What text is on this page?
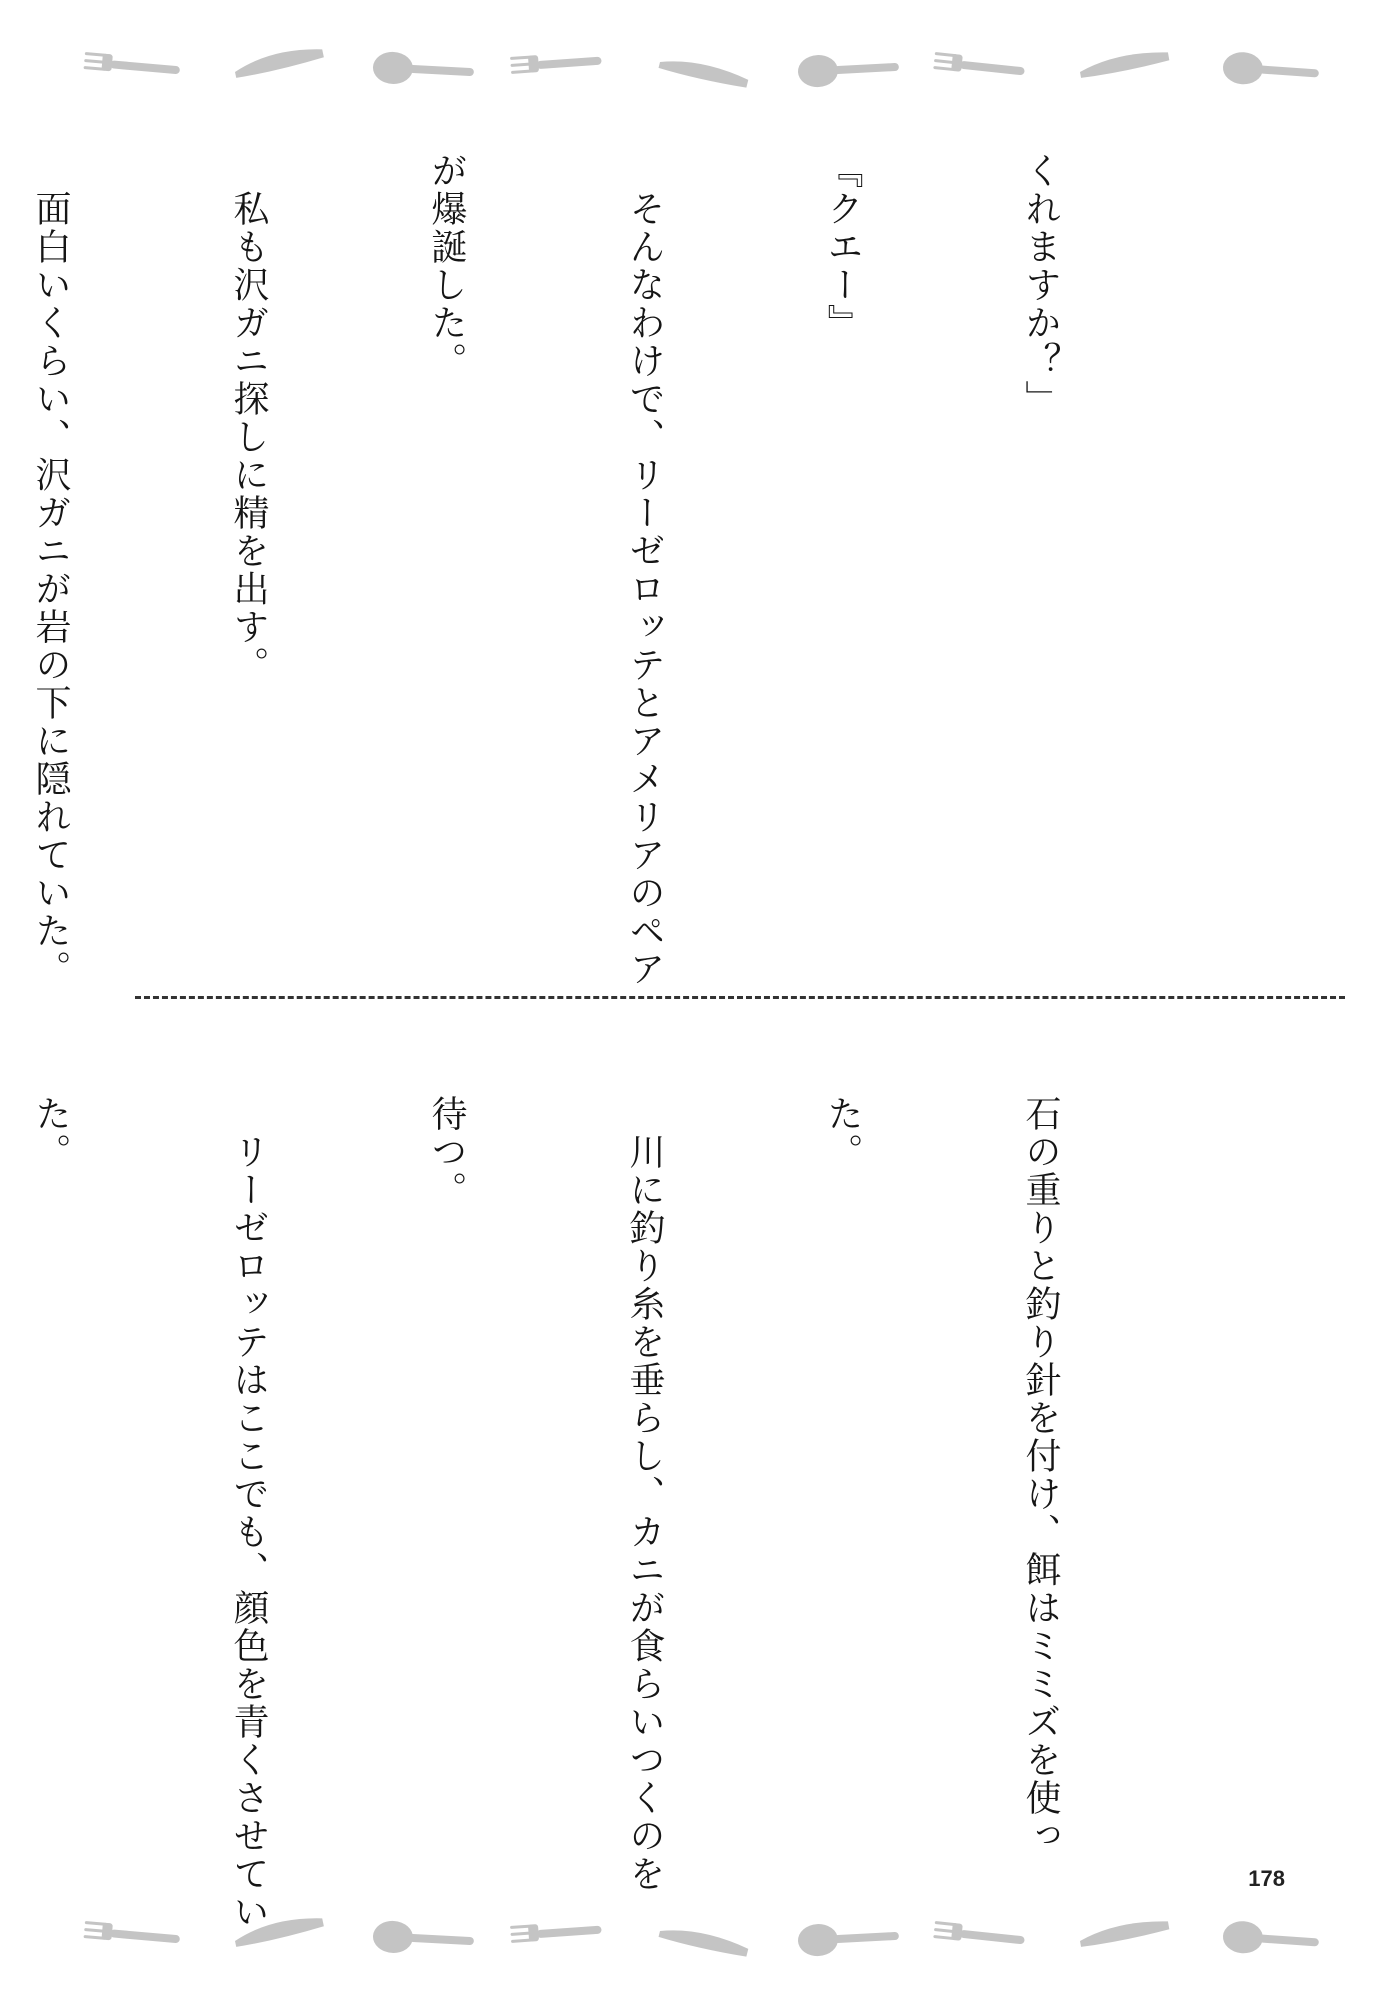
くれますか？」

『クエー』

　そんなわけで、リーゼロッテとアメリアのペア

が爆誕した。

　私も沢ガニ探しに精を出す。

　面白いくらい、沢ガニが岩の下に隠れていた。

石の重りと釣り針を付け、餌はミミズを使っ

た。

　川に釣り糸を垂らし、カニが食らいつくのを

待つ。

　リーゼロッテはここでも、顔色を青くさせてい

た。

178
